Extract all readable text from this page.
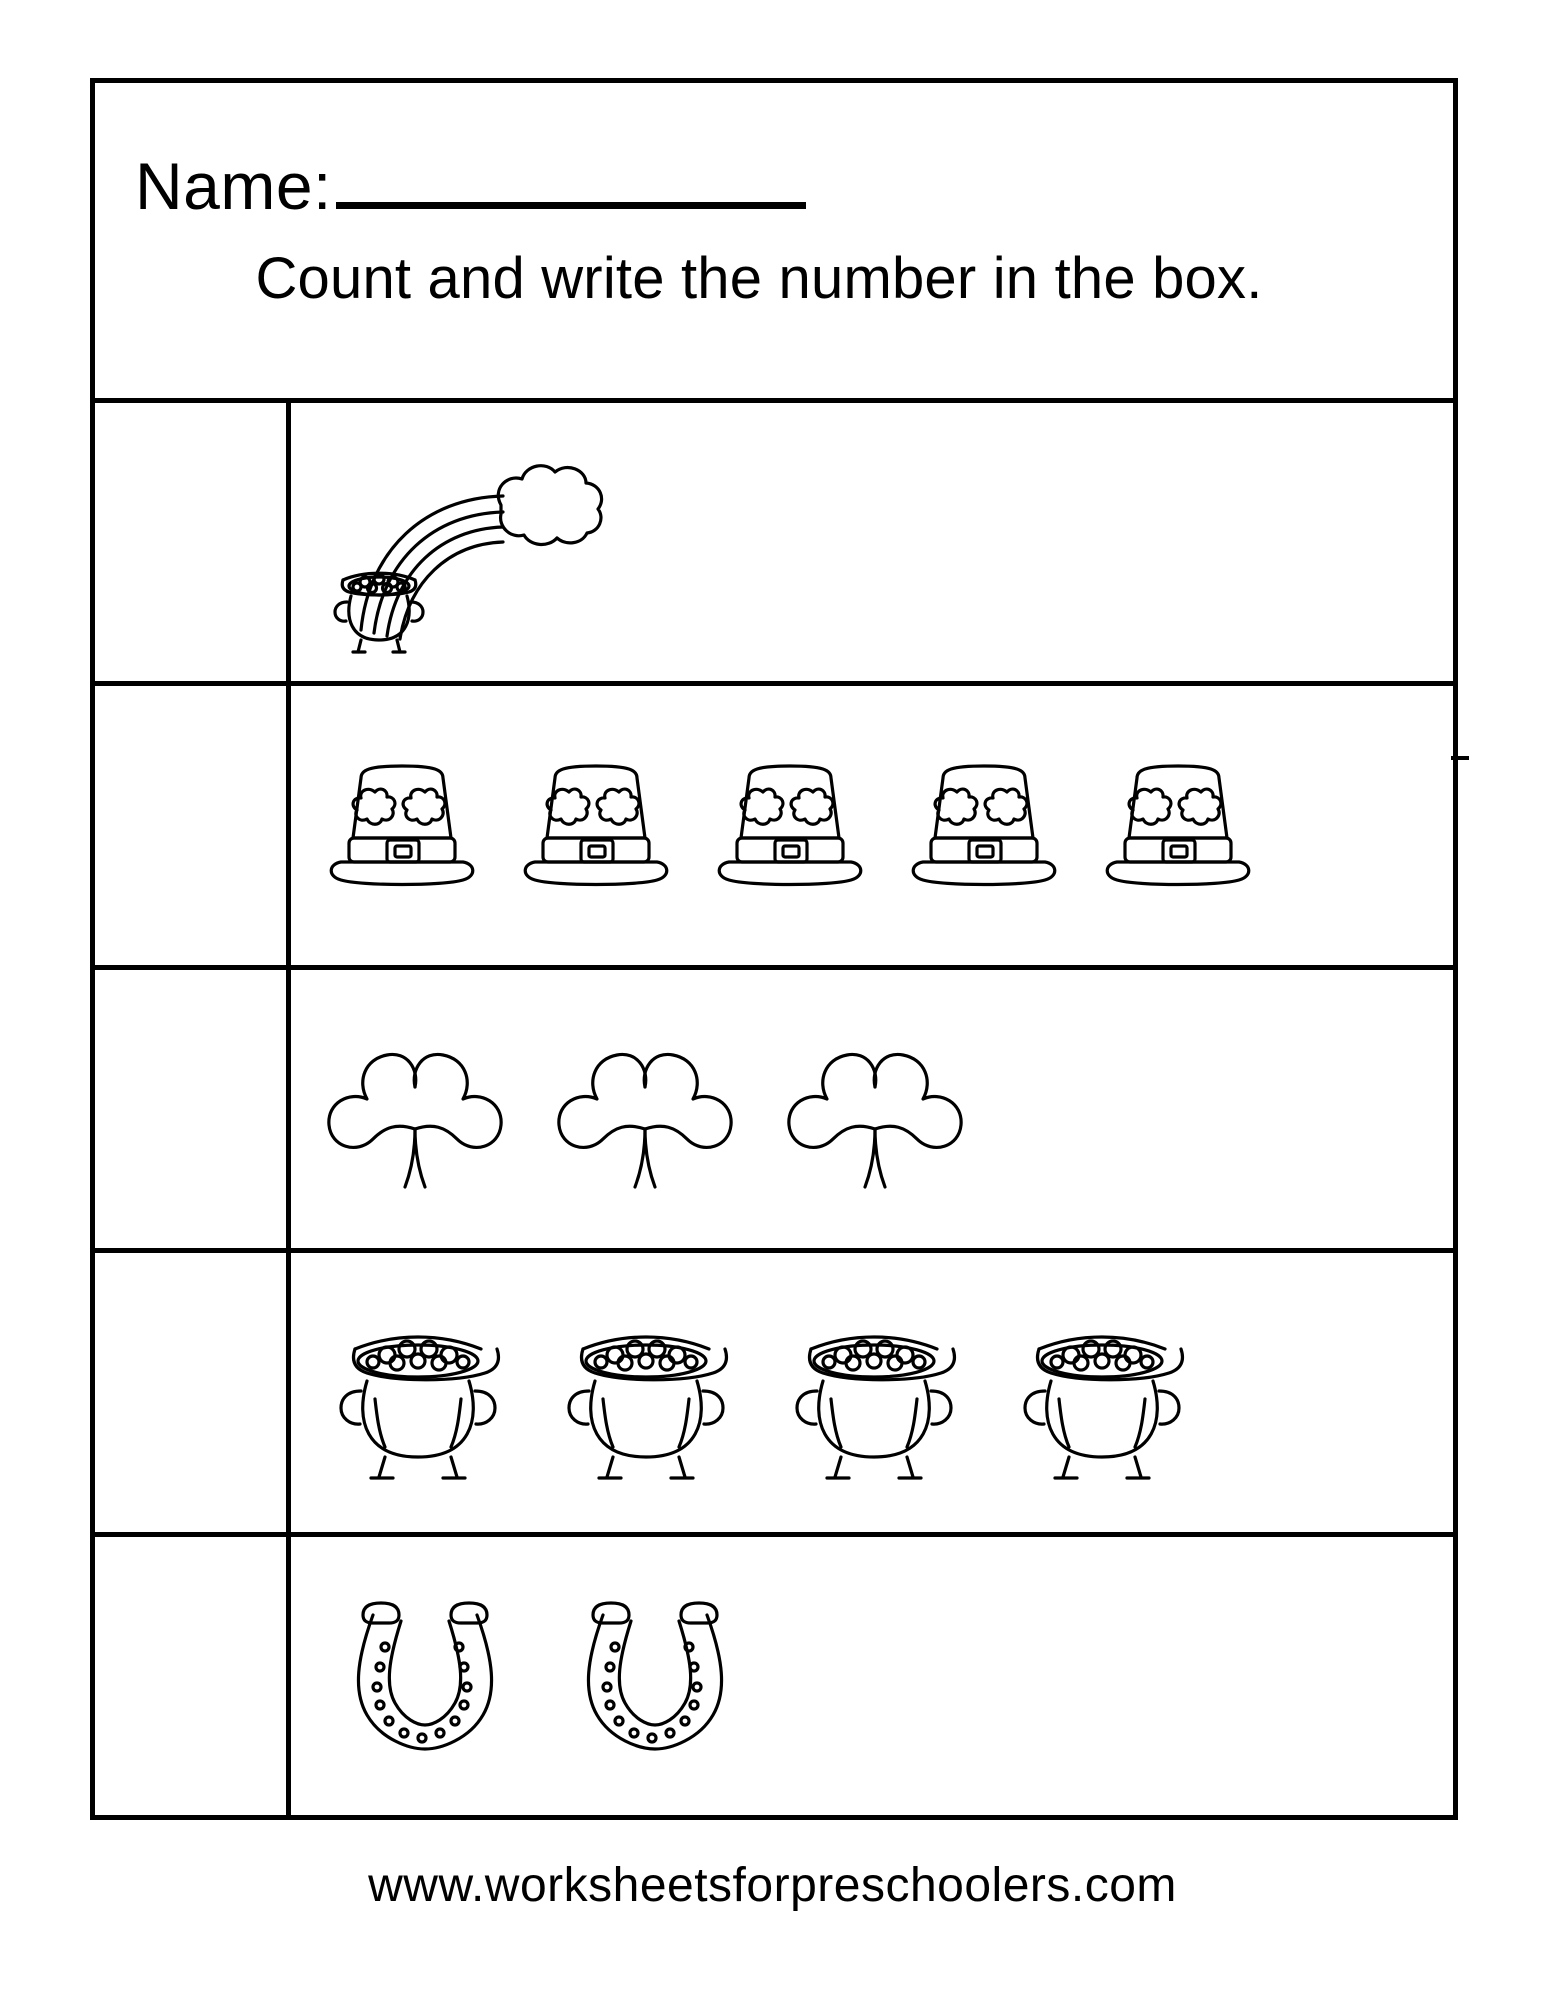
Name:
Count and write the number in the box.
www.worksheetsforpreschoolers.com
